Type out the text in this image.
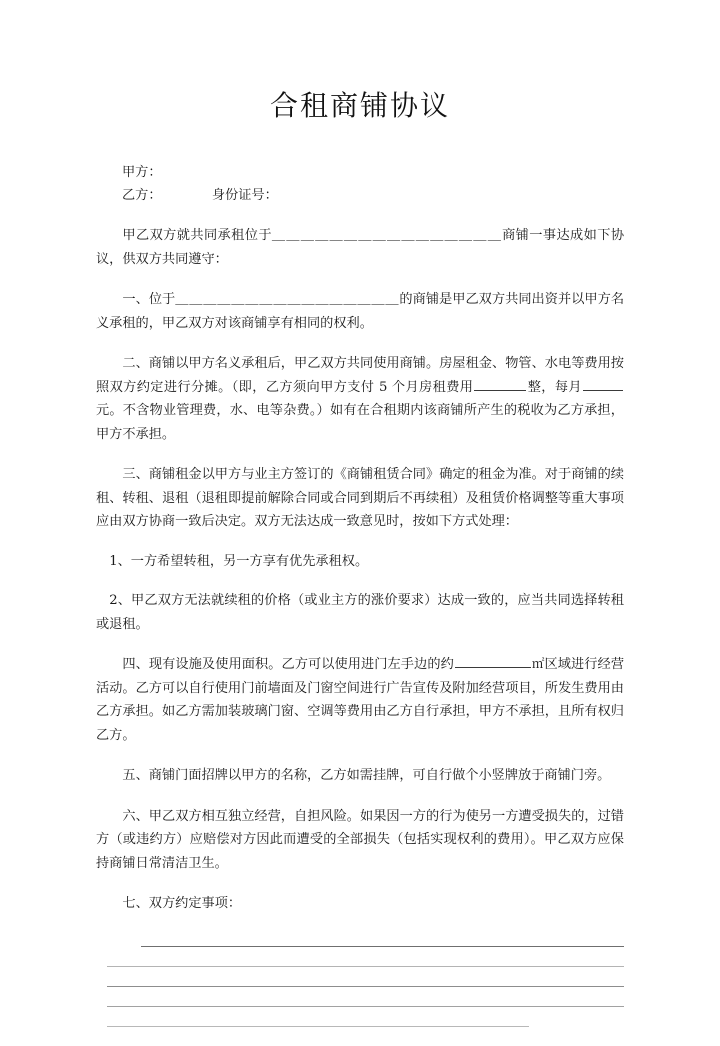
合租商铺协议
甲方：
乙方：	身份证号：

甲乙双方就共同承租位于＿＿＿＿＿＿＿＿＿＿＿＿＿＿＿＿商铺一事达成如下协议，供双方共同遵守：

一、位于＿＿＿＿＿＿＿＿＿＿＿＿＿＿＿＿的商铺是甲乙双方共同出资并以甲方名义承租的，甲乙双方对该商铺享有相同的权利。

二、商铺以甲方名义承租后，甲乙双方共同使用商铺。房屋租金、物管、水电等费用按照双方约定进行分摊。（即，乙方须向甲方支付 5 个月房租费用	整，每月元。不含物业管理费，水、电等杂费。）如有在合租期内该商铺所产生的税收为乙方承担，甲方不承担。

三、商铺租金以甲方与业主方签订的《商铺租赁合同》确定的租金为准。对于商铺的续租、转租、退租（退租即提前解除合同或合同到期后不再续租）及租赁价格调整等重大事项应由双方协商一致后决定。双方无法达成一致意见时，按如下方式处理：

1、一方希望转租，另一方享有优先承租权。

2、甲乙双方无法就续租的价格（或业主方的涨价要求）达成一致的，应当共同选择转租或退租。

四、现有设施及使用面积。乙方可以使用进门左手边的约	㎡区域进行经营活动。乙方可以自行使用门前墙面及门窗空间进行广告宣传及附加经营项目，所发生费用由乙方承担。如乙方需加装玻璃门窗、空调等费用由乙方自行承担，甲方不承担，且所有权归乙方。

五、商铺门面招牌以甲方的名称，乙方如需挂牌，可自行做个小竖牌放于商铺门旁。

六、甲乙双方相互独立经营，自担风险。如果因一方的行为使另一方遭受损失的，过错方（或违约方）应赔偿对方因此而遭受的全部损失（包括实现权利的费用）。甲乙双方应保持商铺日常清洁卫生。

七、双方约定事项：
